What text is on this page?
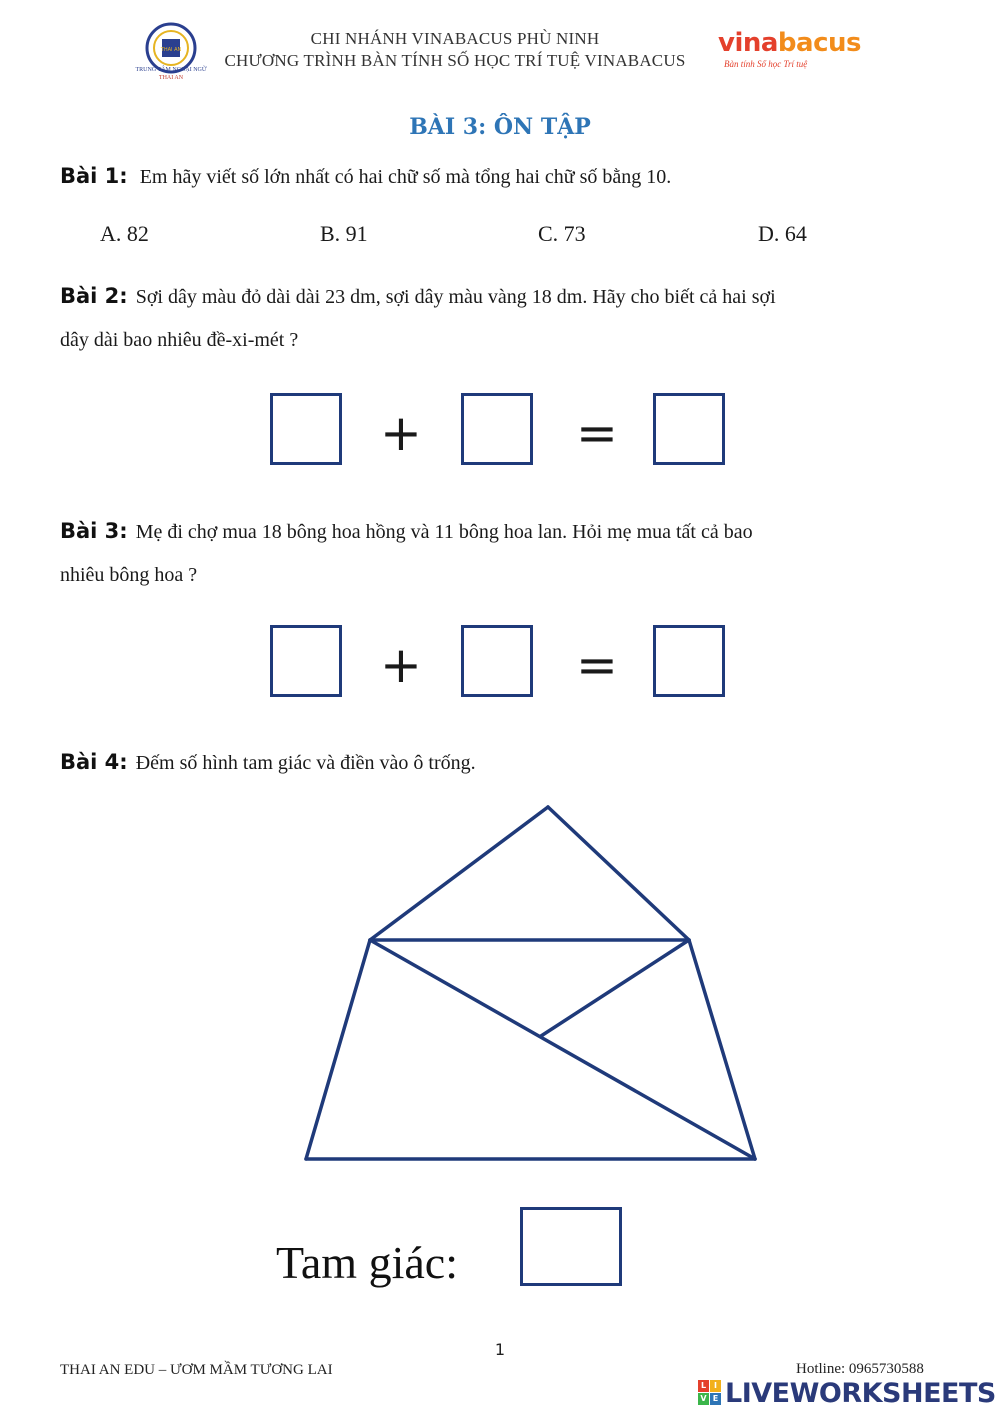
THAI AN
TRUNG TÂM NGOẠI NGỮ
THAI AN
CHI NHÁNH VINABACUS PHÙ NINH
CHƯƠNG TRÌNH BÀN TÍNH SỐ HỌC TRÍ TUỆ VINABACUS
vinabacus
Bàn tính Số học Trí tuệ
BÀI 3: ÔN TẬP
Bài 1: Em hãy viết số lớn nhất có hai chữ số mà tổng hai chữ số bằng 10.
A. 82	B. 91	C. 73	D. 64
Bài 2: Sợi dây màu đỏ dài dài 23 dm, sợi dây màu vàng 18 dm. Hãy cho biết cả hai sợi
dây dài bao nhiêu đề-xi-mét ?
+	=
Bài 3: Mẹ đi chợ mua 18 bông hoa hồng và 11 bông hoa lan. Hỏi mẹ mua tất cả bao
nhiêu bông hoa ?
+	=
Bài 4: Đếm số hình tam giác và điền vào ô trống.
Tam giác:
1
THAI AN EDU – ƯƠM MẦM TƯƠNG LAI	Hotline: 0965730588
L I
V E LIVEWORKSHEETS
